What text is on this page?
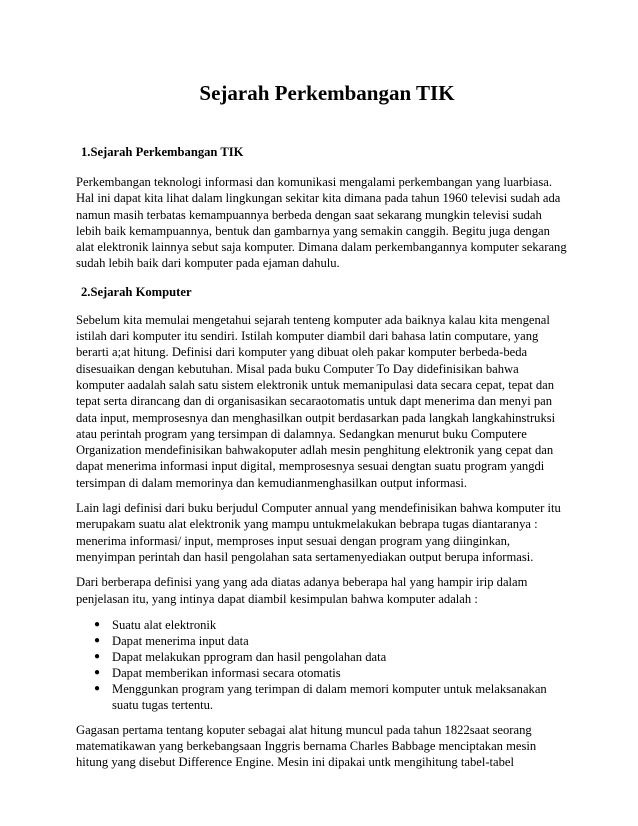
Sejarah Perkembangan TIK
1.Sejarah Perkembangan TIK

Perkembangan teknologi informasi dan komunikasi mengalami perkembangan yang luarbiasa. Hal ini dapat kita lihat dalam lingkungan sekitar kita dimana pada tahun 1960 televisi sudah ada namun masih terbatas kemampuannya berbeda dengan saat sekarang mungkin televisi sudah lebih baik kemampuannya, bentuk dan gambarnya yang semakin canggih. Begitu juga dengan alat elektronik lainnya sebut saja komputer. Dimana dalam perkembangannya komputer sekarang sudah lebih baik dari komputer pada ejaman dahulu.

2.Sejarah Komputer

Sebelum kita memulai mengetahui sejarah tenteng komputer ada baiknya kalau kita mengenal istilah dari komputer itu sendiri. Istilah komputer diambil dari bahasa latin computare, yang berarti a;at hitung. Definisi dari komputer yang dibuat oleh pakar komputer berbeda-beda disesuaikan dengan kebutuhan. Misal pada buku Computer To Day didefinisikan bahwa komputer aadalah salah satu sistem elektronik untuk memanipulasi data secara cepat, tepat dan tepat serta dirancang dan di organisasikan secaraotomatis untuk dapt menerima dan menyi pan data input, memprosesnya dan menghasilkan outpit berdasarkan pada langkah langkahinstruksi atau perintah program yang tersimpan di dalamnya. Sedangkan menurut buku Computere Organization mendefinisikan bahwakoputer adlah mesin penghitung elektronik yang cepat dan dapat menerima informasi input digital, memprosesnya sesuai dengtan suatu program yangdi tersimpan di dalam memorinya dan kemudianmenghasilkan output informasi.

Lain lagi definisi dari buku berjudul Computer annual yang mendefinisikan bahwa komputer itu merupakam suatu alat elektronik yang mampu untukmelakukan bebrapa tugas diantaranya : menerima informasi/ input, memproses input sesuai dengan program yang diinginkan, menyimpan perintah dan hasil pengolahan sata sertamenyediakan output berupa informasi.

Dari berberapa definisi yang yang ada diatas adanya beberapa hal yang hampir irip dalam penjelasan itu, yang intinya dapat diambil kesimpulan bahwa komputer adalah :

● Suatu alat elektronik
● Dapat menerima input data
● Dapat melakukan pprogram dan hasil pengolahan data
● Dapat memberikan informasi secara otomatis
● Menggunkan program yang terimpan di dalam memori komputer untuk melaksanakan suatu tugas tertentu.

Gagasan pertama tentang koputer sebagai alat hitung muncul pada tahun 1822saat seorang matematikawan yang berkebangsaan Inggris bernama Charles Babbage menciptakan mesin hitung yang disebut Difference Engine. Mesin ini dipakai untk mengihitung tabel-tabel
